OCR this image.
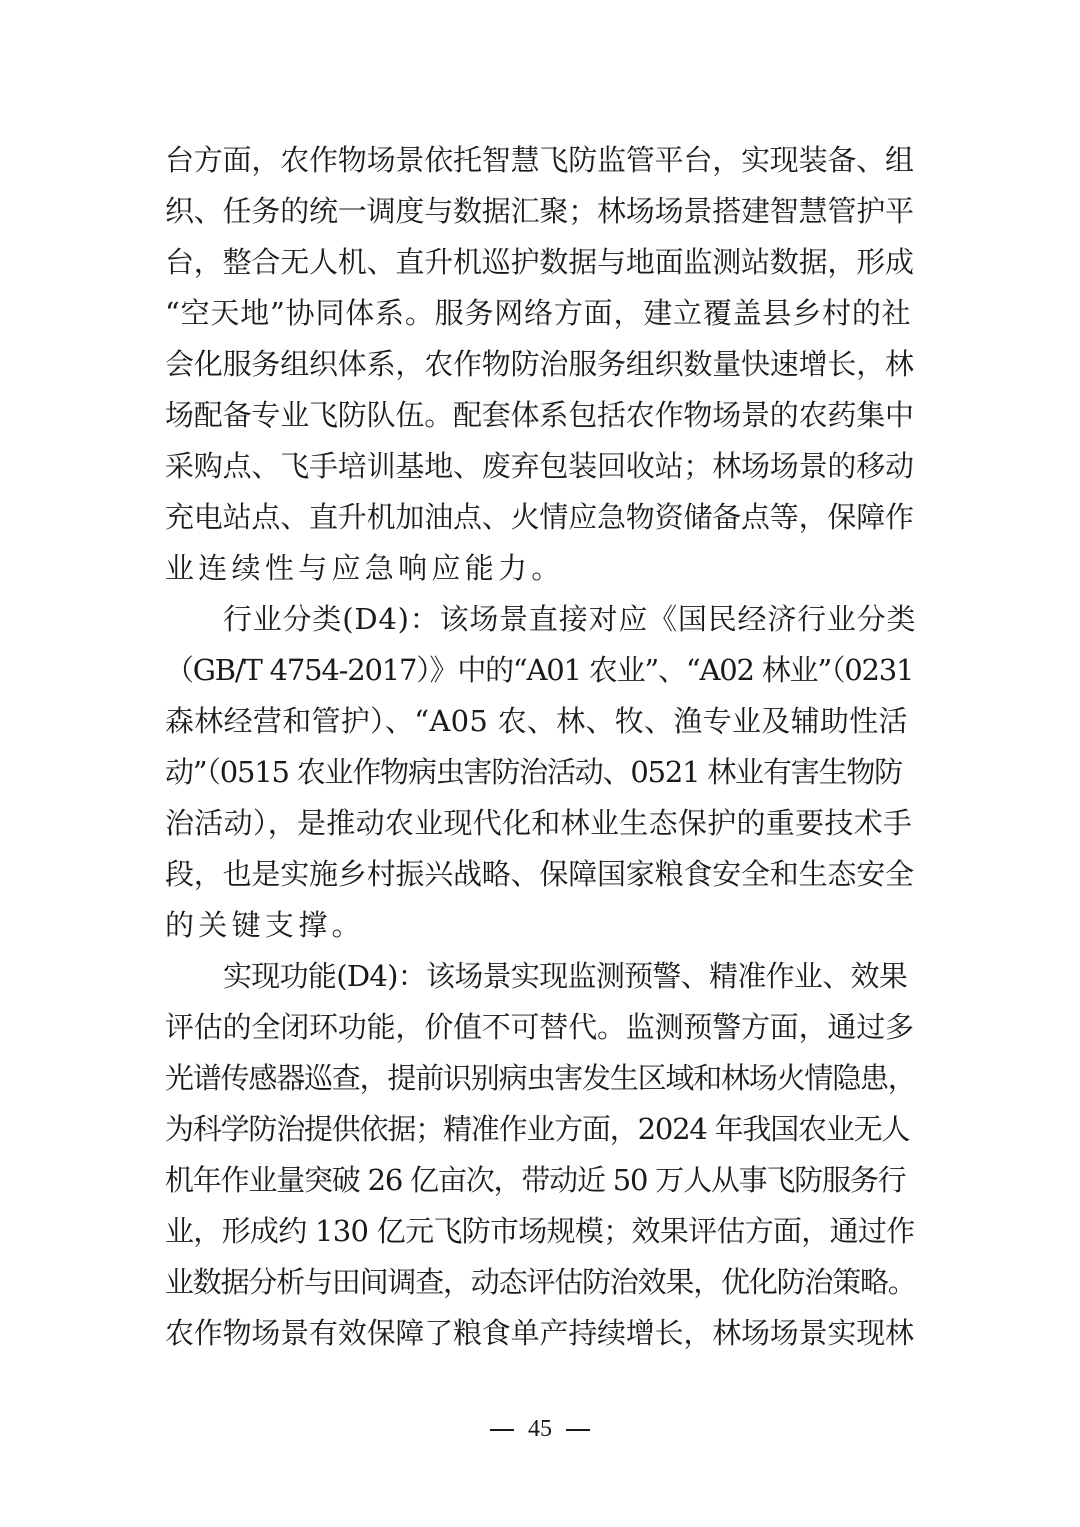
台方面，农作物场景依托智慧飞防监管平台，实现装备、组
织、任务的统一调度与数据汇聚；林场场景搭建智慧管护平
台，整合无人机、直升机巡护数据与地面监测站数据，形成
“空天地”协同体系。服务网络方面，建立覆盖县乡村的社
会化服务组织体系，农作物防治服务组织数量快速增长，林
场配备专业飞防队伍。配套体系包括农作物场景的农药集中
采购点、飞手培训基地、废弃包装回收站；林场场景的移动
充电站点、直升机加油点、火情应急物资储备点等，保障作
业连续性与应急响应能力。
行业分类(D4)：该场景直接对应《国民经济行业分类
（GB/T 4754-2017）》中的“A01 农业”、“A02 林业”（0231
森林经营和管护）、“A05 农、林、牧、渔专业及辅助性活
动”（0515 农业作物病虫害防治活动、0521 林业有害生物防
治活动），是推动农业现代化和林业生态保护的重要技术手
段，也是实施乡村振兴战略、保障国家粮食安全和生态安全
的关键支撑。
实现功能(D4)：该场景实现监测预警、精准作业、效果
评估的全闭环功能，价值不可替代。监测预警方面，通过多
光谱传感器巡查，提前识别病虫害发生区域和林场火情隐患，
为科学防治提供依据；精准作业方面，2024 年我国农业无人
机年作业量突破 26 亿亩次，带动近 50 万人从事飞防服务行
业，形成约 130 亿元飞防市场规模；效果评估方面，通过作
业数据分析与田间调查，动态评估防治效果，优化防治策略。
农作物场景有效保障了粮食单产持续增长，林场场景实现林
45
